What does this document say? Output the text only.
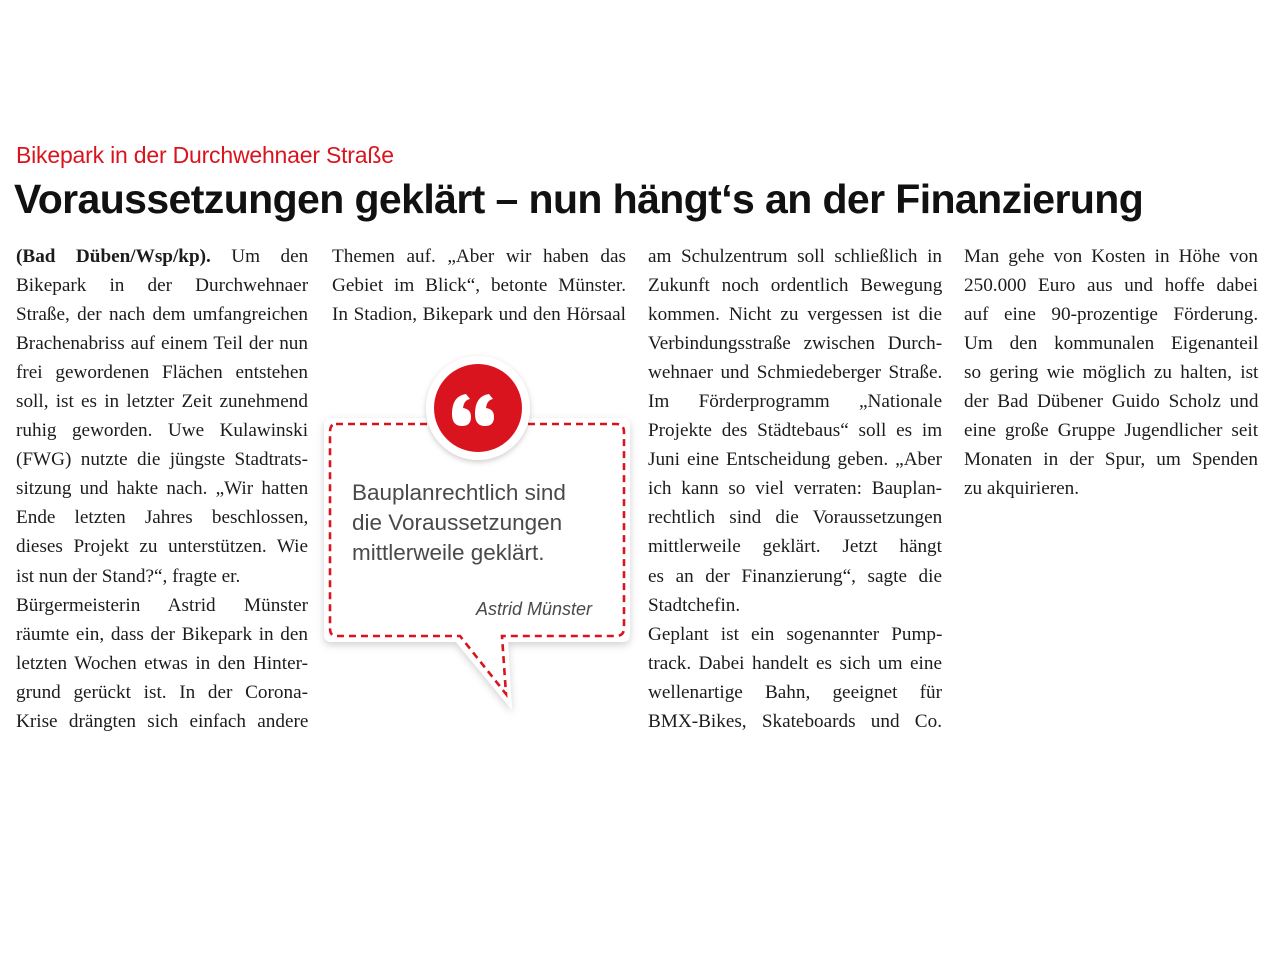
Bikepark in der Durchwehnaer Straße
Voraussetzungen geklärt – nun hängt‘s an der Finanzierung
(Bad Düben/Wsp/kp). Um den
Bikepark in der Durchwehnaer
Straße, der nach dem umfangreichen
Brachenabriss auf einem Teil der nun
frei gewordenen Flächen entstehen
soll, ist es in letzter Zeit zunehmend
ruhig geworden. Uwe Kulawinski
(FWG) nutzte die jüngste Stadtrats-
sitzung und hakte nach. „Wir hatten
Ende letzten Jahres beschlossen,
dieses Projekt zu unterstützen. Wie
ist nun der Stand?“, fragte er.
Bürgermeisterin Astrid Münster
räumte ein, dass der Bikepark in den
letzten Wochen etwas in den Hinter-
grund gerückt ist. In der Corona-
Krise drängten sich einfach andere
Themen auf. „Aber wir haben das
Gebiet im Blick“, betonte Münster.
In Stadion, Bikepark und den Hörsaal
Bauplanrechtlich sind
die Voraussetzungen
mittlerweile geklärt.
Astrid Münster
am Schulzentrum soll schließlich in
Zukunft noch ordentlich Bewegung
kommen. Nicht zu vergessen ist die
Verbindungsstraße zwischen Durch-
wehnaer und Schmiedeberger Straße.
Im Förderprogramm „Nationale
Projekte des Städtebaus“ soll es im
Juni eine Entscheidung geben. „Aber
ich kann so viel verraten: Bauplan-
rechtlich sind die Voraussetzungen
mittlerweile geklärt. Jetzt hängt
es an der Finanzierung“, sagte die
Stadtchefin.
Geplant ist ein sogenannter Pump-
track. Dabei handelt es sich um eine
wellenartige Bahn, geeignet für
BMX-Bikes, Skateboards und Co.
Man gehe von Kosten in Höhe von
250.000 Euro aus und hoffe dabei
auf eine 90-prozentige Förderung.
Um den kommunalen Eigenanteil
so gering wie möglich zu halten, ist
der Bad Dübener Guido Scholz und
eine große Gruppe Jugendlicher seit
Monaten in der Spur, um Spenden
zu akquirieren.
